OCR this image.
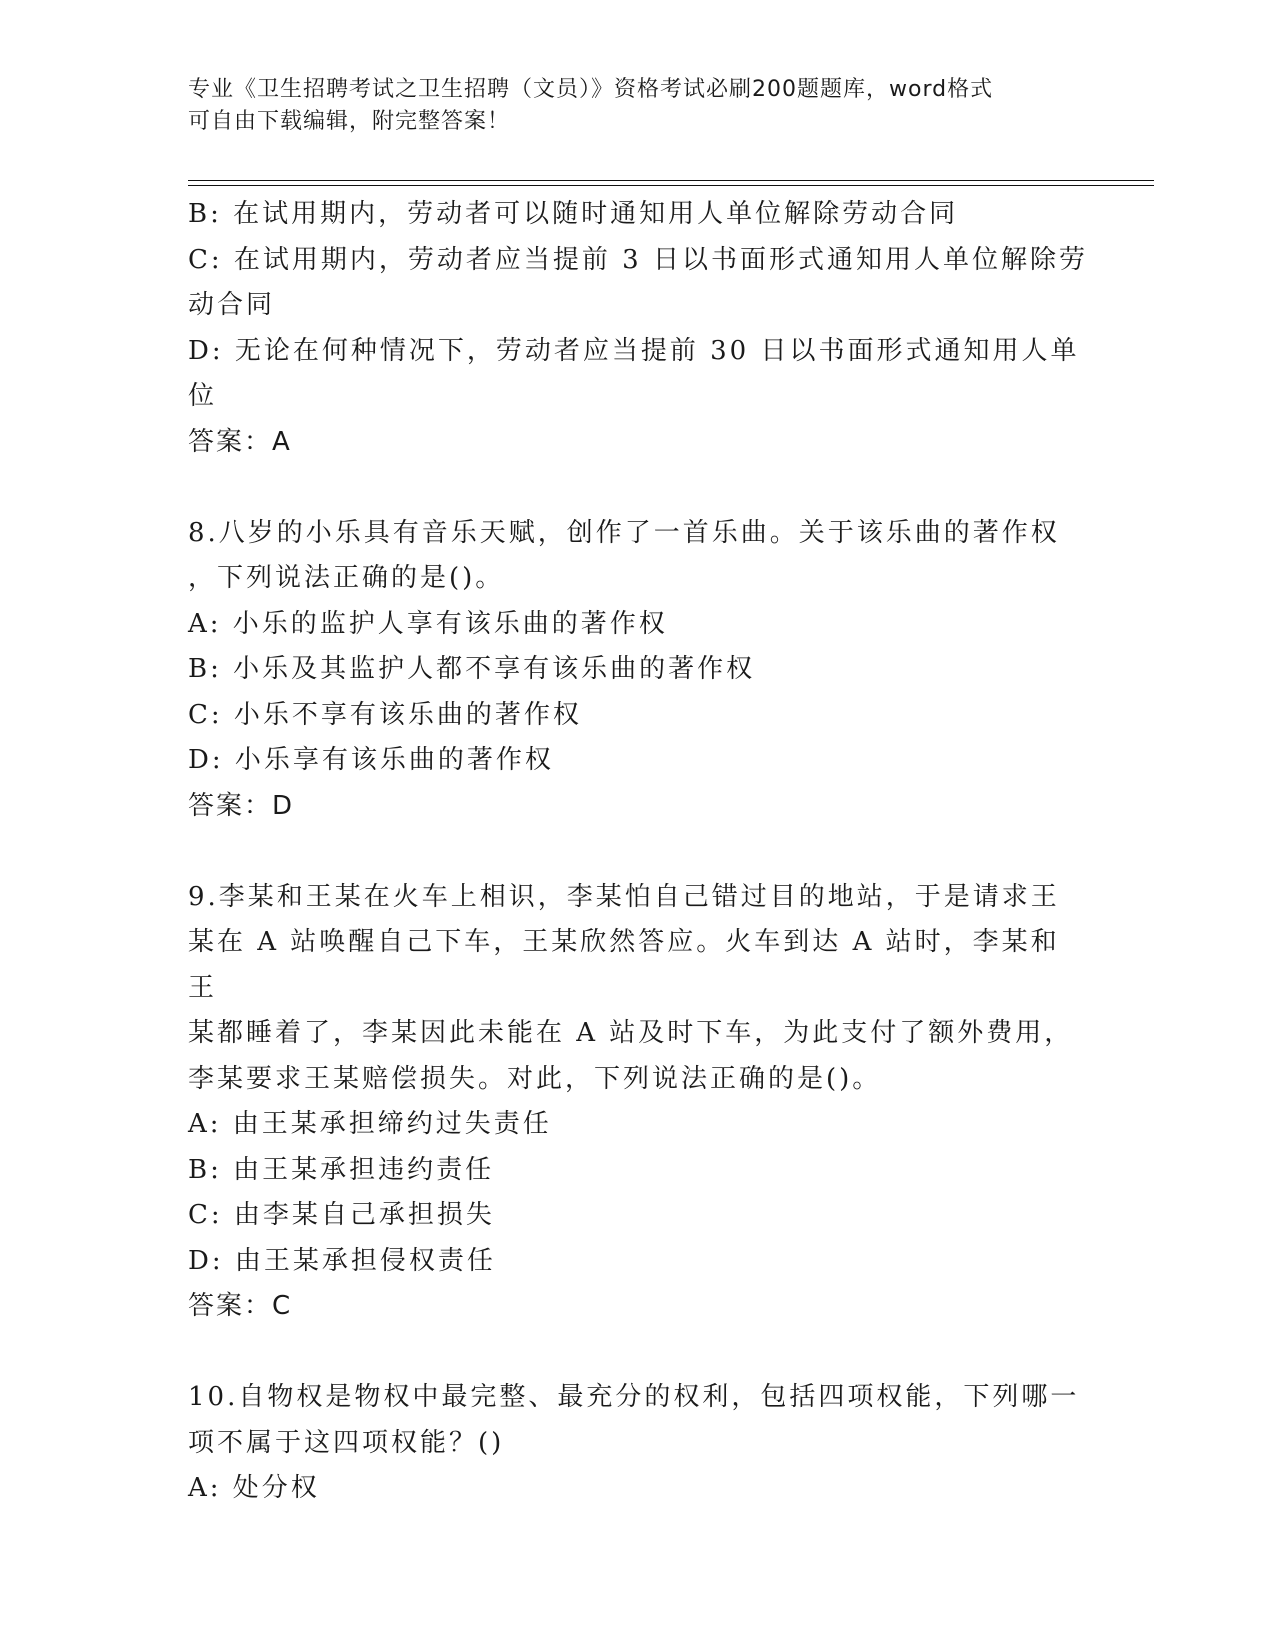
专业《卫生招聘考试之卫生招聘（文员）》资格考试必刷200题题库，word格式
可自由下载编辑，附完整答案！

B: 在试用期内，劳动者可以随时通知用人单位解除劳动合同

C: 在试用期内，劳动者应当提前 3 日以书面形式通知用人单位解除劳

动合同

D: 无论在何种情况下，劳动者应当提前 30 日以书面形式通知用人单

位

答案：A

8.八岁的小乐具有音乐天赋，创作了一首乐曲。关于该乐曲的著作权

，下列说法正确的是()。

A: 小乐的监护人享有该乐曲的著作权

B: 小乐及其监护人都不享有该乐曲的著作权

C: 小乐不享有该乐曲的著作权

D: 小乐享有该乐曲的著作权

答案：D

9.李某和王某在火车上相识，李某怕自己错过目的地站，于是请求王

某在 A 站唤醒自己下车，王某欣然答应。火车到达 A 站时，李某和王

某都睡着了，李某因此未能在 A 站及时下车，为此支付了额外费用，

李某要求王某赔偿损失。对此，下列说法正确的是()。

A: 由王某承担缔约过失责任

B: 由王某承担违约责任

C: 由李某自己承担损失

D: 由王某承担侵权责任

答案：C

10.自物权是物权中最完整、最充分的权利，包括四项权能，下列哪一

项不属于这四项权能？()

A: 处分权
